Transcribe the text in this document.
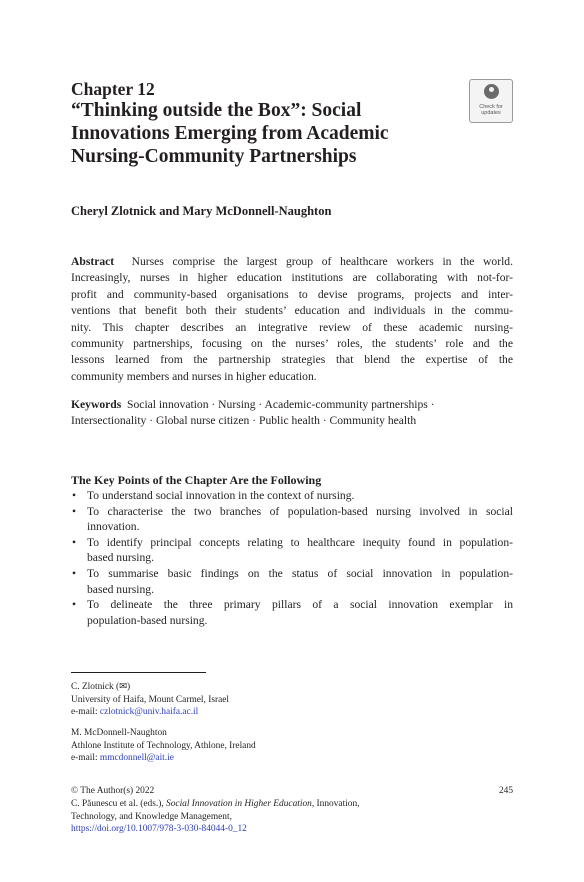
Chapter 12
“Thinking outside the Box”: Social
Innovations Emerging from Academic
Nursing-Community Partnerships
Check for
updates
Cheryl Zlotnick and Mary McDonnell-Naughton
Abstract Nurses comprise the largest group of healthcare workers in the world.
Increasingly, nurses in higher education institutions are collaborating with not-for-
profit and community-based organisations to devise programs, projects and inter-
ventions that benefit both their students’ education and individuals in the commu-
nity. This chapter describes an integrative review of these academic nursing-
community partnerships, focusing on the nurses’ roles, the students’ role and the
lessons learned from the partnership strategies that blend the expertise of the
community members and nurses in higher education.
Keywords Social innovation · Nursing · Academic-community partnerships ·
Intersectionality · Global nurse citizen · Public health · Community health
The Key Points of the Chapter Are the Following
• To understand social innovation in the context of nursing.
• To characterise the two branches of population-based nursing involved in social
innovation.
• To identify principal concepts relating to healthcare inequity found in population-
based nursing.
• To summarise basic findings on the status of social innovation in population-
based nursing.
• To delineate the three primary pillars of a social innovation exemplar in
population-based nursing.
C. Zlotnick (✉)
University of Haifa, Mount Carmel, Israel
e-mail: czlotnick@univ.haifa.ac.il
M. McDonnell-Naughton
Athlone Institute of Technology, Athlone, Ireland
e-mail: mmcdonnell@ait.ie
© The Author(s) 2022	245
C. Păunescu et al. (eds.), Social Innovation in Higher Education, Innovation,
Technology, and Knowledge Management,
https://doi.org/10.1007/978-3-030-84044-0_12
